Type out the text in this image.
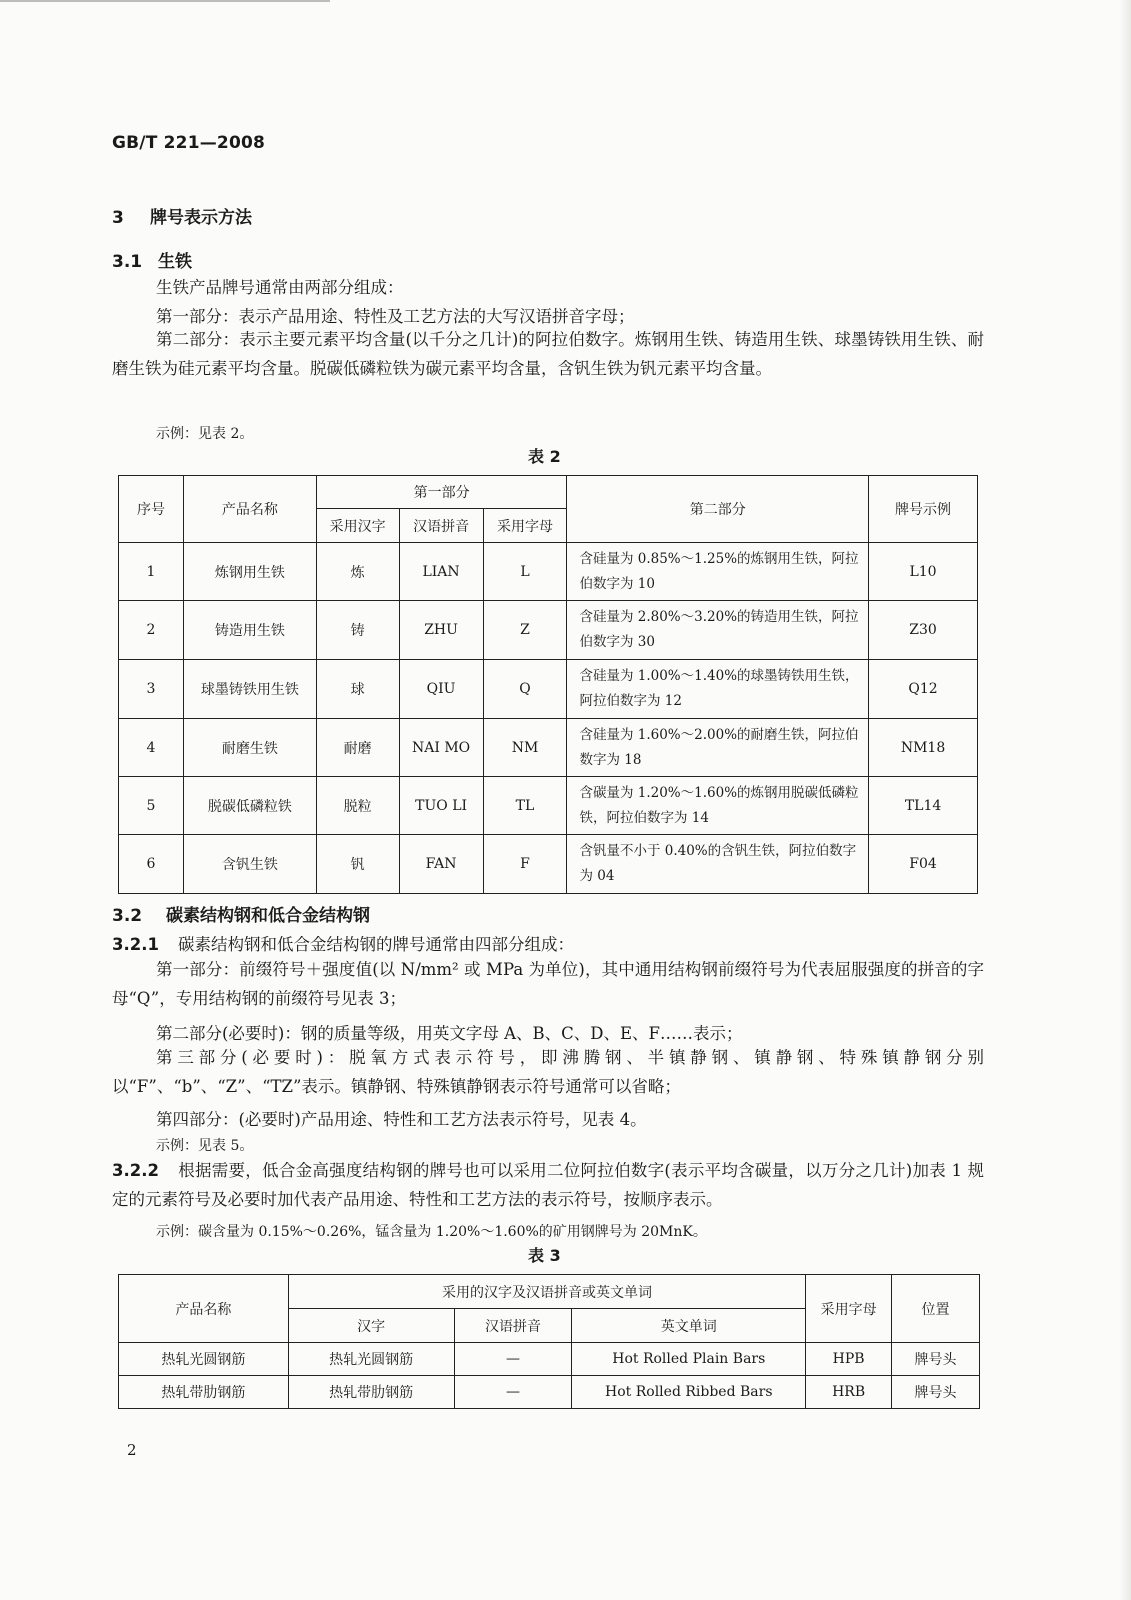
GB/T 221—2008
3 牌号表示方法
3.1 生铁
生铁产品牌号通常由两部分组成：
第一部分：表示产品用途、特性及工艺方法的大写汉语拼音字母；
第二部分：表示主要元素平均含量(以千分之几计)的阿拉伯数字。炼钢用生铁、铸造用生铁、球墨铸铁用生铁、耐磨生铁为硅元素平均含量。脱碳低磷粒铁为碳元素平均含量，含钒生铁为钒元素平均含量。
示例：见表 2。
表 2
序号	产品名称	第一部分			第二部分	牌号示例
		采用汉字	汉语拼音	采用字母		
1	炼钢用生铁	炼	LIAN	L	含硅量为 0.85%～1.25%的炼钢用生铁，阿拉伯数字为 10	L10
2	铸造用生铁	铸	ZHU	Z	含硅量为 2.80%～3.20%的铸造用生铁，阿拉伯数字为 30	Z30
3	球墨铸铁用生铁	球	QIU	Q	含硅量为 1.00%～1.40%的球墨铸铁用生铁，阿拉伯数字为 12	Q12
4	耐磨生铁	耐磨	NAI MO	NM	含硅量为 1.60%～2.00%的耐磨生铁，阿拉伯数字为 18	NM18
5	脱碳低磷粒铁	脱粒	TUO LI	TL	含碳量为 1.20%～1.60%的炼钢用脱碳低磷粒铁，阿拉伯数字为 14	TL14
6	含钒生铁	钒	FAN	F	含钒量不小于 0.40%的含钒生铁，阿拉伯数字为 04	F04
3.2 碳素结构钢和低合金结构钢
3.2.1 碳素结构钢和低合金结构钢的牌号通常由四部分组成：
第一部分：前缀符号＋强度值(以 N/mm² 或 MPa 为单位)，其中通用结构钢前缀符号为代表屈服强度的拼音的字母“Q”，专用结构钢的前缀符号见表 3；
第二部分(必要时)：钢的质量等级，用英文字母 A、B、C、D、E、F……表示；
第三部分(必要时)：脱氧方式表示符号，即沸腾钢、半镇静钢、镇静钢、特殊镇静钢分别以“F”、“b”、“Z”、“TZ”表示。镇静钢、特殊镇静钢表示符号通常可以省略；
第四部分：(必要时)产品用途、特性和工艺方法表示符号，见表 4。
示例：见表 5。
3.2.2 根据需要，低合金高强度结构钢的牌号也可以采用二位阿拉伯数字(表示平均含碳量，以万分之几计)加表 1 规定的元素符号及必要时加代表产品用途、特性和工艺方法的表示符号，按顺序表示。
示例：碳含量为 0.15%～0.26%，锰含量为 1.20%～1.60%的矿用钢牌号为 20MnK。
表 3
产品名称	采用的汉字及汉语拼音或英文单词			采用字母	位置
	汉字	汉语拼音	英文单词		
热轧光圆钢筋	热轧光圆钢筋	—	Hot Rolled Plain Bars	HPB	牌号头
热轧带肋钢筋	热轧带肋钢筋	—	Hot Rolled Ribbed Bars	HRB	牌号头
2
